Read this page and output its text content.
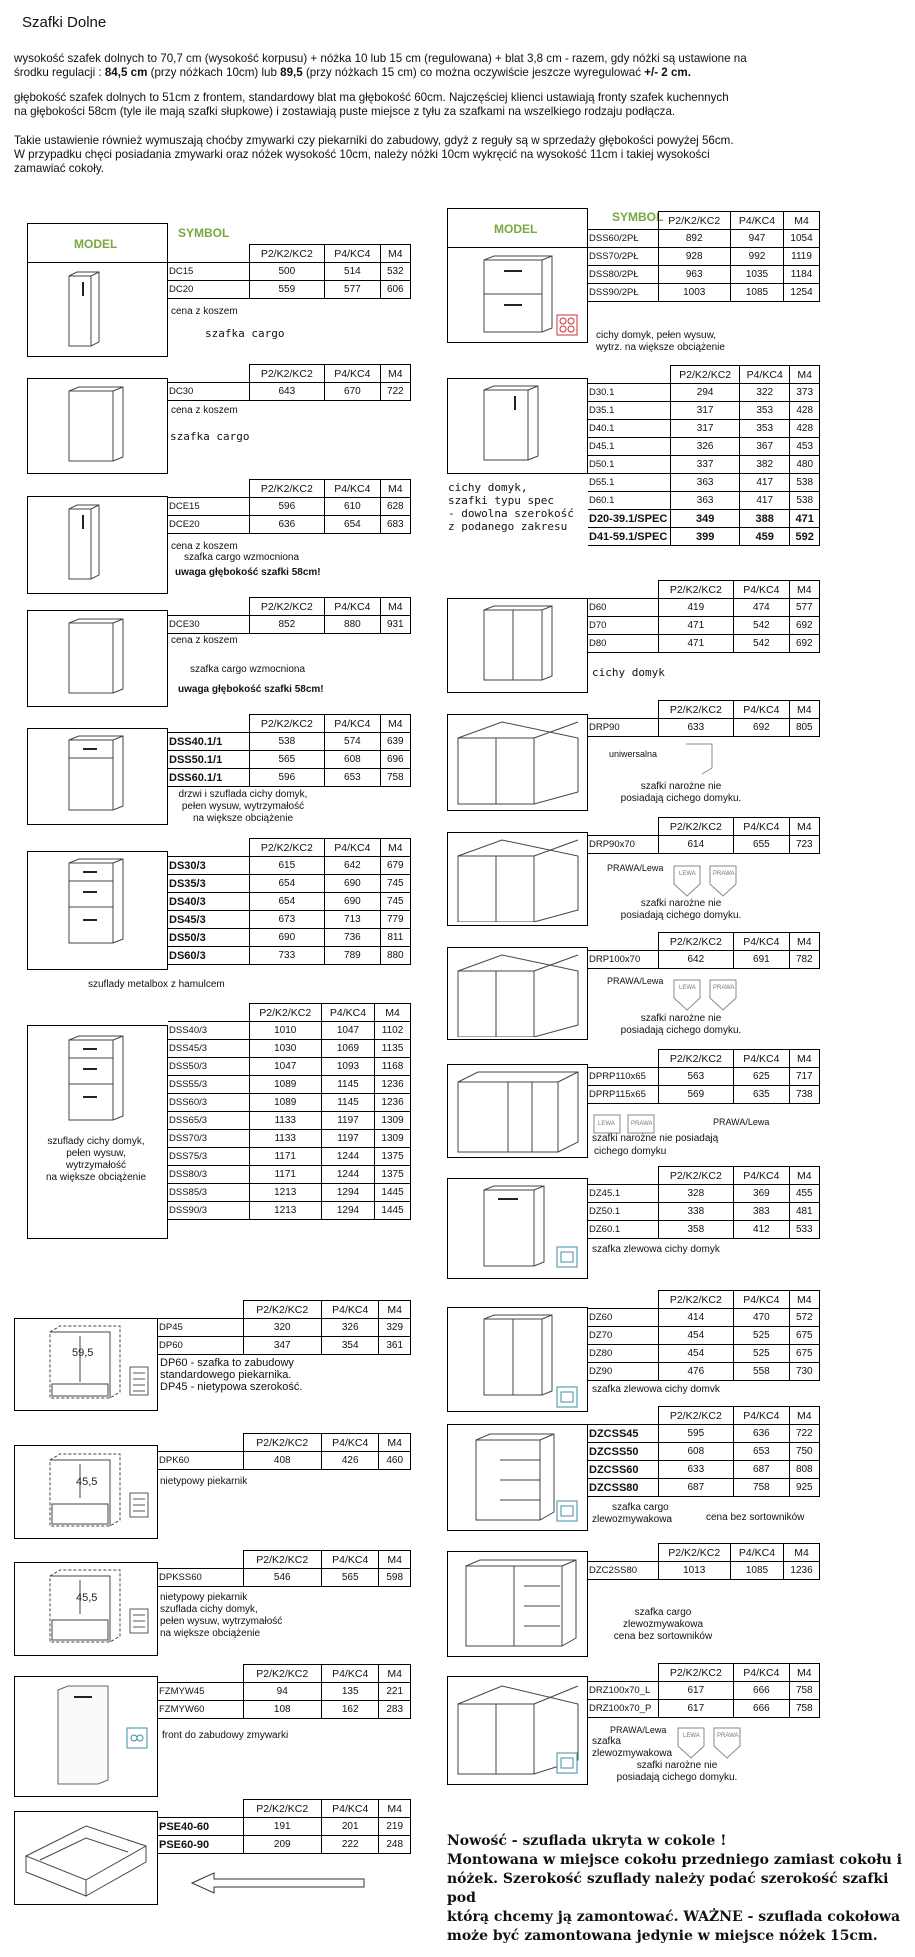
Szafki Dolne
wysokość szafek dolnych to 70,7 cm (wysokość korpusu) + nóżka 10 lub 15 cm (regulowana) + blat 3,8 cm - razem, gdy nóżki są ustawione na
środku regulacji : 84,5 cm (przy nóżkach 10cm) lub 89,5 (przy nóżkach 15 cm) co można oczywiście jeszcze wyregulować +/- 2 cm.
głębokość szafek dolnych to 51cm z frontem, standardowy blat ma głębokość 60cm. Najczęściej klienci ustawiają fronty szafek kuchennych
na głębokości 58cm (tyle ile mają szafki słupkowe) i zostawiają puste miejsce z tyłu za szafkami na wszelkiego rodzaju podłącza.
Takie ustawienie również wymuszają choćby zmywarki czy piekarniki do zabudowy, gdyż z reguły są w sprzedaży głębokości powyżej 56cm.
W przypadku chęci posiadania zmywarki oraz nóżek wysokość 10cm, należy nóżki 10cm wykręcić na wysokość 11cm i takiej wysokości
zamawiać cokoły.
MODEL
SYMBOL
	P2/K2/KC2	P4/KC4	M4
DC15	500	514	532
DC20	559	577	606
cena z koszem
szafka cargo
	P2/K2/KC2	P4/KC4	M4
DC30	643	670	722
cena z koszem
szafka cargo
	P2/K2/KC2	P4/KC4	M4
DCE15	596	610	628
DCE20	636	654	683
cena z koszem
szafka cargo wzmocniona
uwaga głębokość szafki 58cm!
	P2/K2/KC2	P4/KC4	M4
DCE30	852	880	931
cena z koszem
szafka cargo wzmocniona
uwaga głębokość szafki 58cm!
	P2/K2/KC2	P4/KC4	M4
DSS40.1/1	538	574	639
DSS50.1/1	565	608	696
DSS60.1/1	596	653	758
drzwi i szuflada cichy domyk,
pełen wysuw, wytrzymałość
na większe obciążenie
	P2/K2/KC2	P4/KC4	M4
DS30/3	615	642	679
DS35/3	654	690	745
DS40/3	654	690	745
DS45/3	673	713	779
DS50/3	690	736	811
DS60/3	733	789	880
szuflady metalbox z hamulcem
	P2/K2/KC2	P4/KC4	M4
DSS40/3	1010	1047	1102
DSS45/3	1030	1069	1135
DSS50/3	1047	1093	1168
DSS55/3	1089	1145	1236
DSS60/3	1089	1145	1236
DSS65/3	1133	1197	1309
DSS70/3	1133	1197	1309
DSS75/3	1171	1244	1375
DSS80/3	1171	1244	1375
DSS85/3	1213	1294	1445
DSS90/3	1213	1294	1445
szuflady cichy domyk,
pełen wysuw,
wytrzymałość
na większe obciążenie
	P2/K2/KC2	P4/KC4	M4
DP45	320	326	329
DP60	347	354	361
DP60 - szafka to zabudowy
standardowego piekarnika.
DP45 - nietypowa szerokość.
	P2/K2/KC2	P4/KC4	M4
DPK60	408	426	460
nietypowy piekarnik
	P2/K2/KC2	P4/KC4	M4
DPKSS60	546	565	598
nietypowy piekarnik
szuflada cichy domyk,
pełen wysuw, wytrzymałość
na większe obciążenie
	P2/K2/KC2	P4/KC4	M4
FZMYW45	94	135	221
FZMYW60	108	162	283
front do zabudowy zmywarki
	P2/K2/KC2	P4/KC4	M4
PSE40-60	191	201	219
PSE60-90	209	222	248
MODEL
SYMBOL
	P2/K2/KC2	P4/KC4	M4
DSS60/2PŁ	892	947	1054
DSS70/2PŁ	928	992	1119
DSS80/2PŁ	963	1035	1184
DSS90/2PŁ	1003	1085	1254
cichy domyk, pełen wysuw,
wytrz. na większe obciążenie
	P2/K2/KC2	P4/KC4	M4
D30.1	294	322	373
D35.1	317	353	428
D40.1	317	353	428
D45.1	326	367	453
D50.1	337	382	480
D55.1	363	417	538
D60.1	363	417	538
D20-39.1/SPEC	349	388	471
D41-59.1/SPEC	399	459	592
cichy domyk,
szafki typu spec
- dowolna szerokość
z podanego zakresu
	P2/K2/KC2	P4/KC4	M4
D60	419	474	577
D70	471	542	692
D80	471	542	692
cichy domyk
	P2/K2/KC2	P4/KC4	M4
DRP90	633	692	805
uniwersalna
szafki narożne nie
posiadają cichego domyku.
	P2/K2/KC2	P4/KC4	M4
DRP90x70	614	655	723
PRAWA/Lewa
szafki narożne nie
posiadają cichego domyku.
	P2/K2/KC2	P4/KC4	M4
DRP100x70	642	691	782
PRAWA/Lewa
szafki narożne nie
posiadają cichego domyku.
	P2/K2/KC2	P4/KC4	M4
DPRP110x65	563	625	717
DPRP115x65	569	635	738
PRAWA/Lewa
szafki narożne nie posiadają
cichego domyku
	P2/K2/KC2	P4/KC4	M4
DZ45.1	328	369	455
DZ50.1	338	383	481
DZ60.1	358	412	533
szafka zlewowa cichy domyk
	P2/K2/KC2	P4/KC4	M4
DZ60	414	470	572
DZ70	454	525	675
DZ80	454	525	675
DZ90	476	558	730
szafka zlewowa cichy domvk
	P2/K2/KC2	P4/KC4	M4
DZCSS45	595	636	722
DZCSS50	608	653	750
DZCSS60	633	687	808
DZCSS80	687	758	925
szafka cargo
zlewozmywakowa	cena bez sortowników
	P2/K2/KC2	P4/KC4	M4
DZC2SS80	1013	1085	1236
szafka cargo
zlewozmywakowa
cena bez sortowników
	P2/K2/KC2	P4/KC4	M4
DRZ100x70_L	617	666	758
DRZ100x70_P	617	666	758
PRAWA/Lewa
szafka
zlewozmywakowa
szafki narożne nie
posiadają cichego domyku.
LEWA	PRAWA
LEWA	PRAWA
LEWA	PRAWA
LEWA	PRAWA
59,5
45,5
45,5
Nowość - szuflada ukryta w cokole !
Montowana w miejsce cokołu przedniego zamiast cokołu i
nóżek. Szerokość szuflady należy podać szerokość szafki pod
którą chcemy ją zamontować. WAŻNE - szuflada cokołowa
może być zamontowana jedynie w miejsce nóżek 15cm.
